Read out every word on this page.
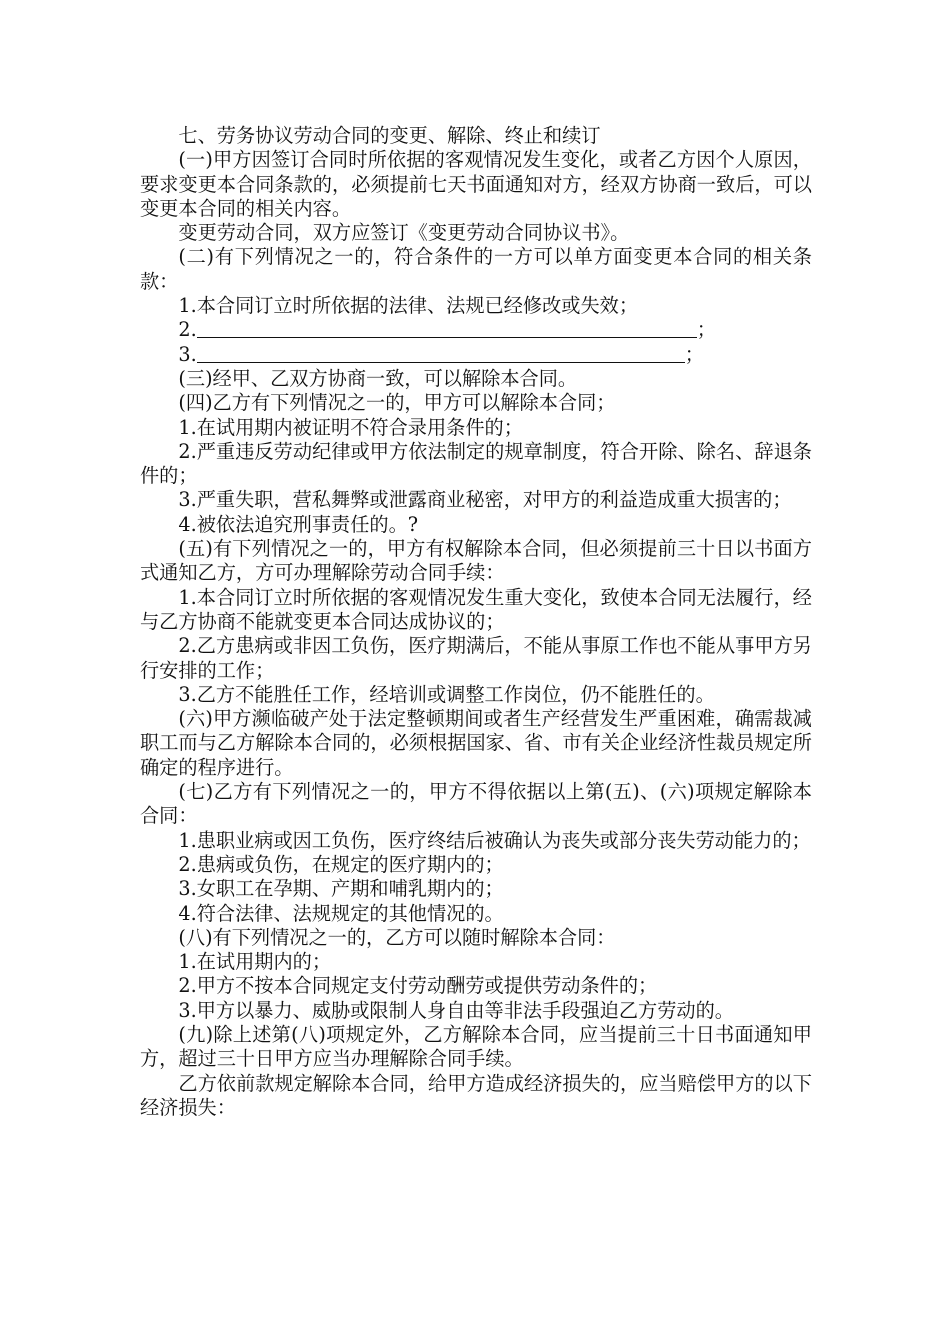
七、劳务协议劳动合同的变更、解除、终止和续订

(一)甲方因签订合同时所依据的客观情况发生变化，或者乙方因个人原因，要求变更本合同条款的，必须提前七天书面通知对方，经双方协商一致后，可以变更本合同的相关内容。

变更劳动合同，双方应签订《变更劳动合同协议书》。

(二)有下列情况之一的，符合条件的一方可以单方面变更本合同的相关条款：

1.本合同订立时所依据的法律、法规已经修改或失效；

2.	；

3.	；

(三)经甲、乙双方协商一致，可以解除本合同。

(四)乙方有下列情况之一的，甲方可以解除本合同；

1.在试用期内被证明不符合录用条件的；

2.严重违反劳动纪律或甲方依法制定的规章制度，符合开除、除名、辞退条件的；

3.严重失职，营私舞弊或泄露商业秘密，对甲方的利益造成重大损害的；

4.被依法追究刑事责任的。?

(五)有下列情况之一的，甲方有权解除本合同，但必须提前三十日以书面方式通知乙方，方可办理解除劳动合同手续：

1.本合同订立时所依据的客观情况发生重大变化，致使本合同无法履行，经与乙方协商不能就变更本合同达成协议的；

2.乙方患病或非因工负伤，医疗期满后，不能从事原工作也不能从事甲方另行安排的工作；

3.乙方不能胜任工作，经培训或调整工作岗位，仍不能胜任的。

(六)甲方濒临破产处于法定整顿期间或者生产经营发生严重困难，确需裁减职工而与乙方解除本合同的，必须根据国家、省、市有关企业经济性裁员规定所确定的程序进行。

(七)乙方有下列情况之一的，甲方不得依据以上第(五)、(六)项规定解除本合同：

1.患职业病或因工负伤，医疗终结后被确认为丧失或部分丧失劳动能力的；

2.患病或负伤，在规定的医疗期内的；

3.女职工在孕期、产期和哺乳期内的；

4.符合法律、法规规定的其他情况的。

(八)有下列情况之一的，乙方可以随时解除本合同：

1.在试用期内的；

2.甲方不按本合同规定支付劳动酬劳或提供劳动条件的；

3.甲方以暴力、威胁或限制人身自由等非法手段强迫乙方劳动的。

(九)除上述第(八)项规定外，乙方解除本合同，应当提前三十日书面通知甲方，超过三十日甲方应当办理解除合同手续。

乙方依前款规定解除本合同，给甲方造成经济损失的，应当赔偿甲方的以下经济损失：
